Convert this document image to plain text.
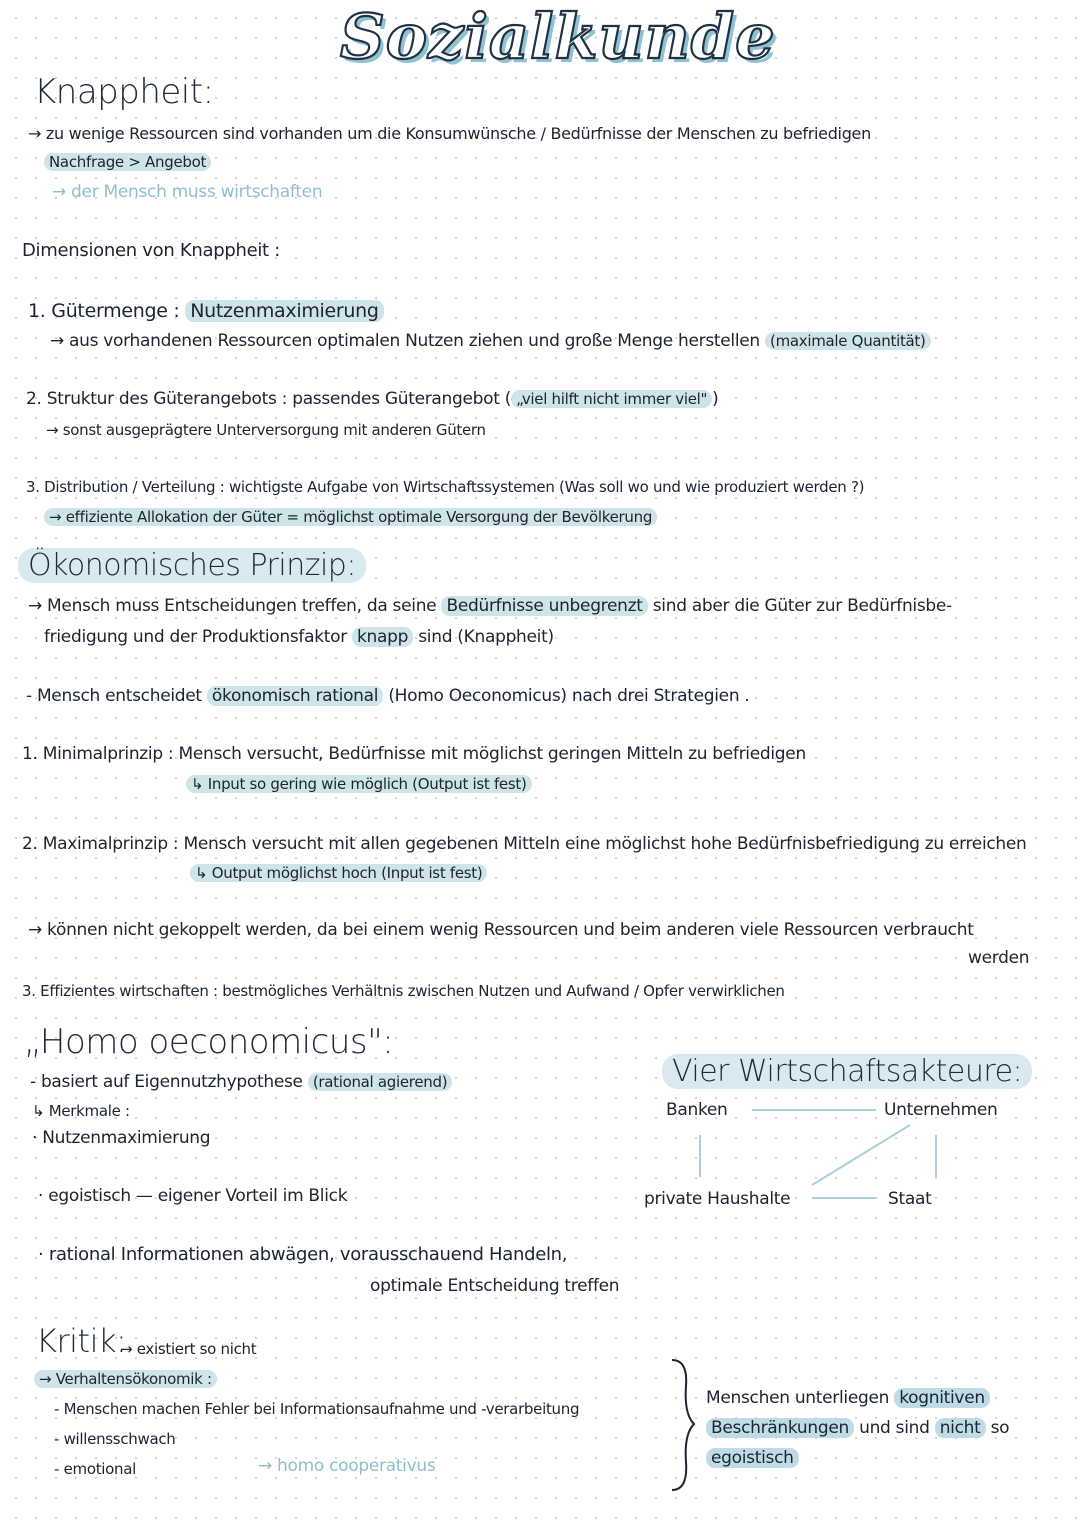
Sozialkunde
Knappheit:
→ zu wenige Ressourcen sind vorhanden um die Konsumwünsche / Bedürfnisse der Menschen zu befriedigen
Nachfrage > Angebot
→ der Mensch muss wirtschaften
Dimensionen von Knappheit :
1. Gütermenge : Nutzenmaximierung
→ aus vorhandenen Ressourcen optimalen Nutzen ziehen und große Menge herstellen (maximale Quantität)
2. Struktur des Güterangebots : passendes Güterangebot ( „viel hilft nicht immer viel" )
→ sonst ausgeprägtere Unterversorgung mit anderen Gütern
3. Distribution / Verteilung : wichtigste Aufgabe von Wirtschaftssystemen (Was soll wo und wie produziert werden ?)
→ effiziente Allokation der Güter = möglichst optimale Versorgung der Bevölkerung
Ökonomisches Prinzip:
→ Mensch muss Entscheidungen treffen, da seine Bedürfnisse unbegrenzt sind aber die Güter zur Bedürfnisbe-
friedigung und der Produktionsfaktor knapp sind (Knappheit)
- Mensch entscheidet ökonomisch rational (Homo Oeconomicus) nach drei Strategien .
1. Minimalprinzip : Mensch versucht, Bedürfnisse mit möglichst geringen Mitteln zu befriedigen
↳ Input so gering wie möglich (Output ist fest)
2. Maximalprinzip : Mensch versucht mit allen gegebenen Mitteln eine möglichst hohe Bedürfnisbefriedigung zu erreichen
↳ Output möglichst hoch (Input ist fest)
→ können nicht gekoppelt werden, da bei einem wenig Ressourcen und beim anderen viele Ressourcen verbraucht
werden
3. Effizientes wirtschaften : bestmögliches Verhältnis zwischen Nutzen und Aufwand / Opfer verwirklichen
„Homo oeconomicus":
- basiert auf Eigennutzhypothese (rational agierend)
↳ Merkmale :
· Nutzenmaximierung
· egoistisch — eigener Vorteil im Blick
· rational Informationen abwägen, vorausschauend Handeln,
optimale Entscheidung treffen
Vier Wirtschaftsakteure:
Banken	Unternehmen
private Haushalte	Staat
Kritik:
→ existiert so nicht
→ Verhaltensökonomik :
- Menschen machen Fehler bei Informationsaufnahme und -verarbeitung
- willensschwach
- emotional	→ homo cooperativus
Menschen unterliegen kognitiven
Beschränkungen und sind nicht so
egoistisch
